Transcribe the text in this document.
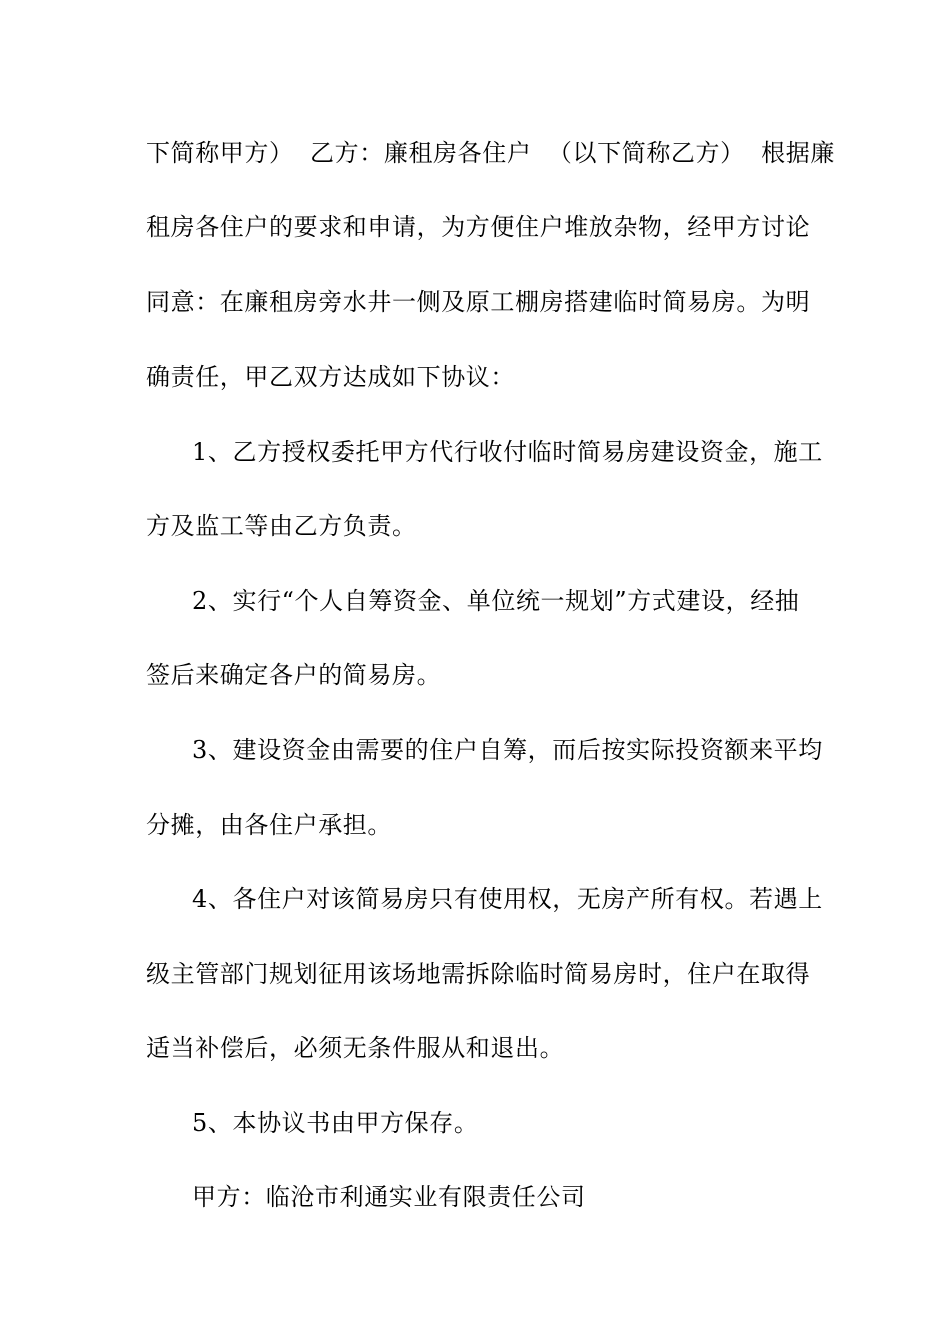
下简称甲方）  乙方：廉租房各住户  （以下简称乙方）  根据廉
租房各住户的要求和申请，为方便住户堆放杂物，经甲方讨论
同意：在廉租房旁水井一侧及原工棚房搭建临时简易房。为明
确责任，甲乙双方达成如下协议：
1、乙方授权委托甲方代行收付临时简易房建设资金，施工
方及监工等由乙方负责。
2、实行“个人自筹资金、单位统一规划”方式建设，经抽
签后来确定各户的简易房。
3、建设资金由需要的住户自筹，而后按实际投资额来平均
分摊，由各住户承担。
4、各住户对该简易房只有使用权，无房产所有权。若遇上
级主管部门规划征用该场地需拆除临时简易房时，住户在取得
适当补偿后，必须无条件服从和退出。
5、本协议书由甲方保存。
甲方：临沧市利通实业有限责任公司
